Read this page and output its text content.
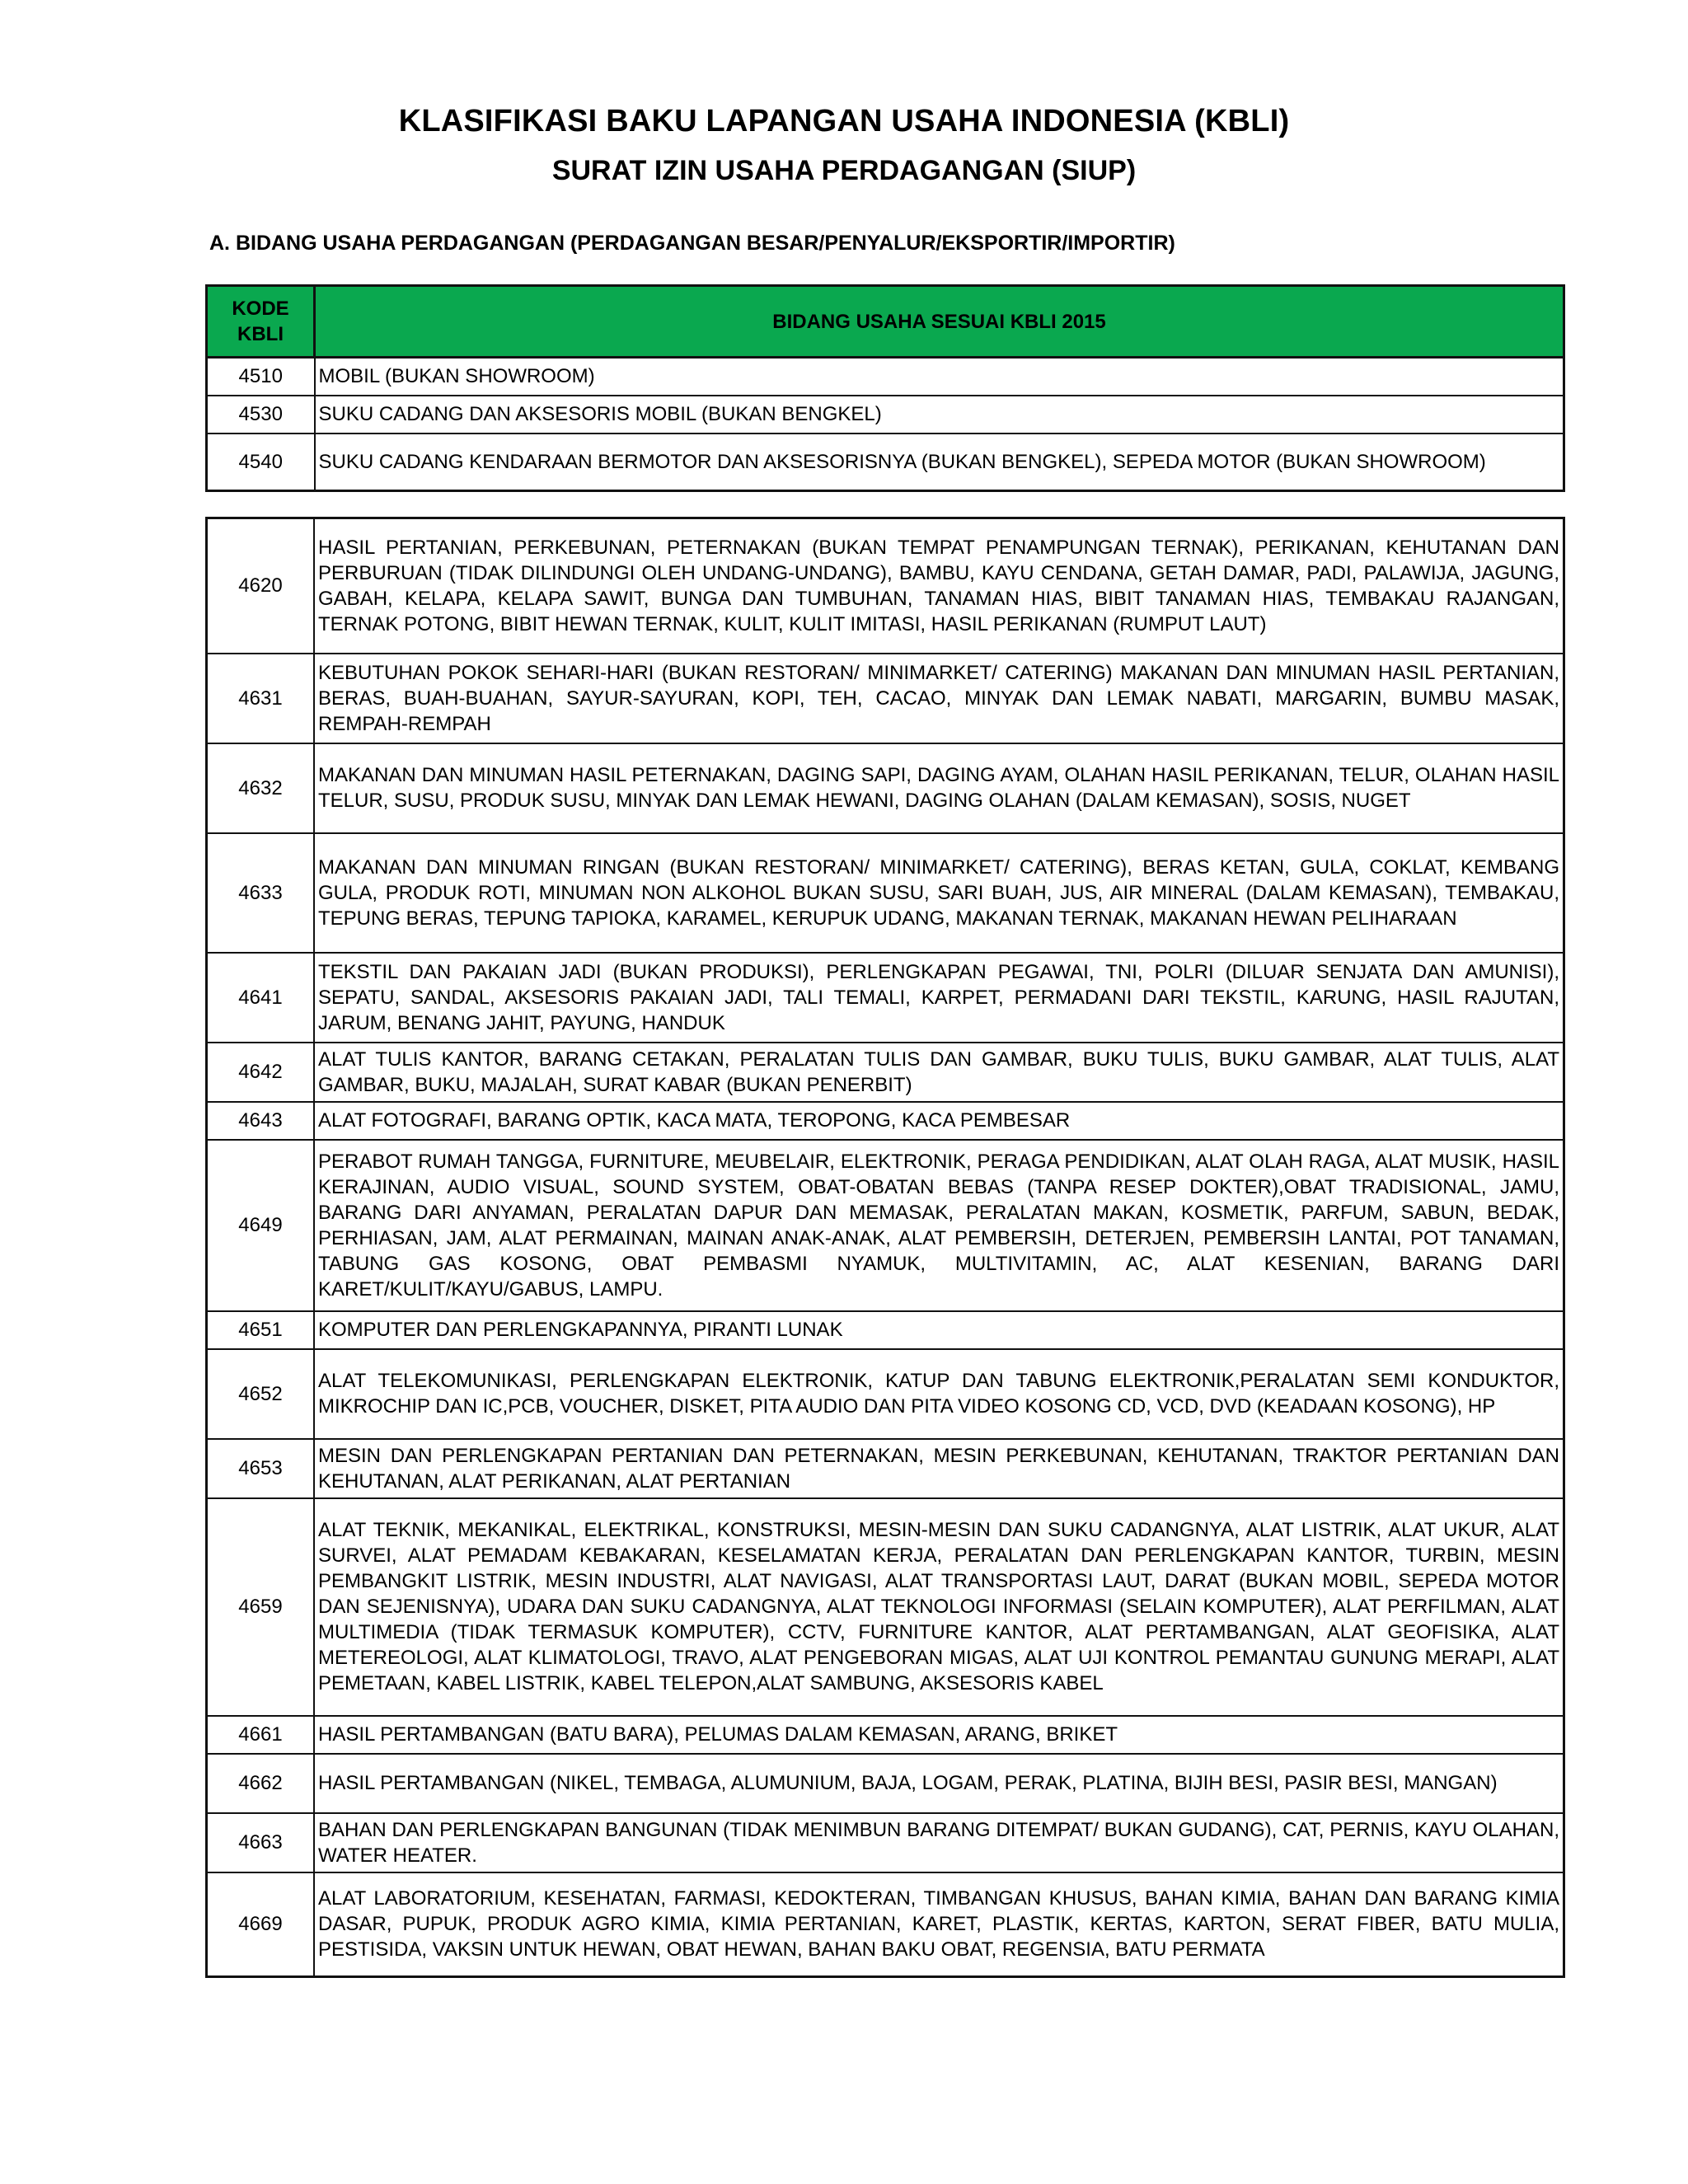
KLASIFIKASI BAKU LAPANGAN USAHA INDONESIA (KBLI)
SURAT IZIN USAHA PERDAGANGAN (SIUP)
A. BIDANG USAHA PERDAGANGAN (PERDAGANGAN BESAR/PENYALUR/EKSPORTIR/IMPORTIR)
KODE
KBLI	BIDANG USAHA SESUAI KBLI 2015
4510	MOBIL (BUKAN SHOWROOM)
4530	SUKU CADANG DAN AKSESORIS MOBIL (BUKAN BENGKEL)
4540	SUKU CADANG KENDARAAN BERMOTOR DAN AKSESORISNYA (BUKAN BENGKEL), SEPEDA MOTOR (BUKAN SHOWROOM)
4620	HASIL PERTANIAN, PERKEBUNAN, PETERNAKAN (BUKAN TEMPAT PENAMPUNGAN TERNAK), PERIKANAN, KEHUTANAN DAN PERBURUAN (TIDAK DILINDUNGI OLEH UNDANG-UNDANG), BAMBU, KAYU CENDANA, GETAH DAMAR, PADI, PALAWIJA, JAGUNG, GABAH, KELAPA, KELAPA SAWIT, BUNGA DAN TUMBUHAN, TANAMAN HIAS, BIBIT TANAMAN HIAS, TEMBAKAU RAJANGAN, TERNAK POTONG, BIBIT HEWAN TERNAK, KULIT, KULIT IMITASI, HASIL PERIKANAN (RUMPUT LAUT)
4631	KEBUTUHAN POKOK SEHARI-HARI (BUKAN RESTORAN/ MINIMARKET/ CATERING) MAKANAN DAN MINUMAN HASIL PERTANIAN, BERAS, BUAH-BUAHAN, SAYUR-SAYURAN, KOPI, TEH, CACAO, MINYAK DAN LEMAK NABATI, MARGARIN, BUMBU MASAK, REMPAH-REMPAH
4632	MAKANAN DAN MINUMAN HASIL PETERNAKAN, DAGING SAPI, DAGING AYAM, OLAHAN HASIL PERIKANAN, TELUR, OLAHAN HASIL TELUR, SUSU, PRODUK SUSU, MINYAK DAN LEMAK HEWANI, DAGING OLAHAN (DALAM KEMASAN), SOSIS, NUGET
4633	MAKANAN DAN MINUMAN RINGAN (BUKAN RESTORAN/ MINIMARKET/ CATERING), BERAS KETAN, GULA, COKLAT, KEMBANG GULA, PRODUK ROTI, MINUMAN NON ALKOHOL BUKAN SUSU, SARI BUAH, JUS, AIR MINERAL (DALAM KEMASAN), TEMBAKAU, TEPUNG BERAS, TEPUNG TAPIOKA, KARAMEL, KERUPUK UDANG, MAKANAN TERNAK, MAKANAN HEWAN PELIHARAAN
4641	TEKSTIL DAN PAKAIAN JADI (BUKAN PRODUKSI), PERLENGKAPAN PEGAWAI, TNI, POLRI (DILUAR SENJATA DAN AMUNISI), SEPATU, SANDAL, AKSESORIS PAKAIAN JADI, TALI TEMALI, KARPET, PERMADANI DARI TEKSTIL, KARUNG, HASIL RAJUTAN, JARUM, BENANG JAHIT, PAYUNG, HANDUK
4642	ALAT TULIS KANTOR, BARANG CETAKAN, PERALATAN TULIS DAN GAMBAR, BUKU TULIS, BUKU GAMBAR, ALAT TULIS, ALAT GAMBAR, BUKU, MAJALAH, SURAT KABAR (BUKAN PENERBIT)
4643	ALAT FOTOGRAFI, BARANG OPTIK, KACA MATA, TEROPONG, KACA PEMBESAR
4649	PERABOT RUMAH TANGGA, FURNITURE, MEUBELAIR, ELEKTRONIK, PERAGA PENDIDIKAN, ALAT OLAH RAGA, ALAT MUSIK, HASIL KERAJINAN, AUDIO VISUAL, SOUND SYSTEM, OBAT-OBATAN BEBAS (TANPA RESEP DOKTER),OBAT TRADISIONAL, JAMU, BARANG DARI ANYAMAN, PERALATAN DAPUR DAN MEMASAK, PERALATAN MAKAN, KOSMETIK, PARFUM, SABUN, BEDAK, PERHIASAN, JAM, ALAT PERMAINAN, MAINAN ANAK-ANAK, ALAT PEMBERSIH, DETERJEN, PEMBERSIH LANTAI, POT TANAMAN, TABUNG GAS KOSONG, OBAT PEMBASMI NYAMUK, MULTIVITAMIN, AC, ALAT KESENIAN, BARANG DARI KARET/KULIT/KAYU/GABUS, LAMPU.
4651	KOMPUTER DAN PERLENGKAPANNYA, PIRANTI LUNAK
4652	ALAT TELEKOMUNIKASI, PERLENGKAPAN ELEKTRONIK, KATUP DAN TABUNG ELEKTRONIK,PERALATAN SEMI KONDUKTOR, MIKROCHIP DAN IC,PCB, VOUCHER, DISKET, PITA AUDIO DAN PITA VIDEO KOSONG CD, VCD, DVD (KEADAAN KOSONG), HP
4653	MESIN DAN PERLENGKAPAN PERTANIAN DAN PETERNAKAN, MESIN PERKEBUNAN, KEHUTANAN, TRAKTOR PERTANIAN DAN KEHUTANAN, ALAT PERIKANAN, ALAT PERTANIAN
4659	ALAT TEKNIK, MEKANIKAL, ELEKTRIKAL, KONSTRUKSI, MESIN-MESIN DAN SUKU CADANGNYA, ALAT LISTRIK, ALAT UKUR, ALAT SURVEI, ALAT PEMADAM KEBAKARAN, KESELAMATAN KERJA, PERALATAN DAN PERLENGKAPAN KANTOR, TURBIN, MESIN PEMBANGKIT LISTRIK, MESIN INDUSTRI, ALAT NAVIGASI, ALAT TRANSPORTASI LAUT, DARAT (BUKAN MOBIL, SEPEDA MOTOR DAN SEJENISNYA), UDARA DAN SUKU CADANGNYA, ALAT TEKNOLOGI INFORMASI (SELAIN KOMPUTER), ALAT PERFILMAN, ALAT MULTIMEDIA (TIDAK TERMASUK KOMPUTER), CCTV, FURNITURE KANTOR, ALAT PERTAMBANGAN, ALAT GEOFISIKA, ALAT METEREOLOGI, ALAT KLIMATOLOGI, TRAVO, ALAT PENGEBORAN MIGAS, ALAT UJI KONTROL PEMANTAU GUNUNG MERAPI, ALAT PEMETAAN, KABEL LISTRIK, KABEL TELEPON,ALAT SAMBUNG, AKSESORIS KABEL
4661	HASIL PERTAMBANGAN (BATU BARA), PELUMAS DALAM KEMASAN, ARANG, BRIKET
4662	HASIL PERTAMBANGAN (NIKEL, TEMBAGA, ALUMUNIUM, BAJA, LOGAM, PERAK, PLATINA, BIJIH BESI, PASIR BESI, MANGAN)
4663	BAHAN DAN PERLENGKAPAN BANGUNAN (TIDAK MENIMBUN BARANG DITEMPAT/ BUKAN GUDANG), CAT, PERNIS, KAYU OLAHAN, WATER HEATER.
4669	ALAT LABORATORIUM, KESEHATAN, FARMASI, KEDOKTERAN, TIMBANGAN KHUSUS, BAHAN KIMIA, BAHAN DAN BARANG KIMIA DASAR, PUPUK, PRODUK AGRO KIMIA, KIMIA PERTANIAN, KARET, PLASTIK, KERTAS, KARTON, SERAT FIBER, BATU MULIA, PESTISIDA, VAKSIN UNTUK HEWAN, OBAT HEWAN, BAHAN BAKU OBAT, REGENSIA, BATU PERMATA
